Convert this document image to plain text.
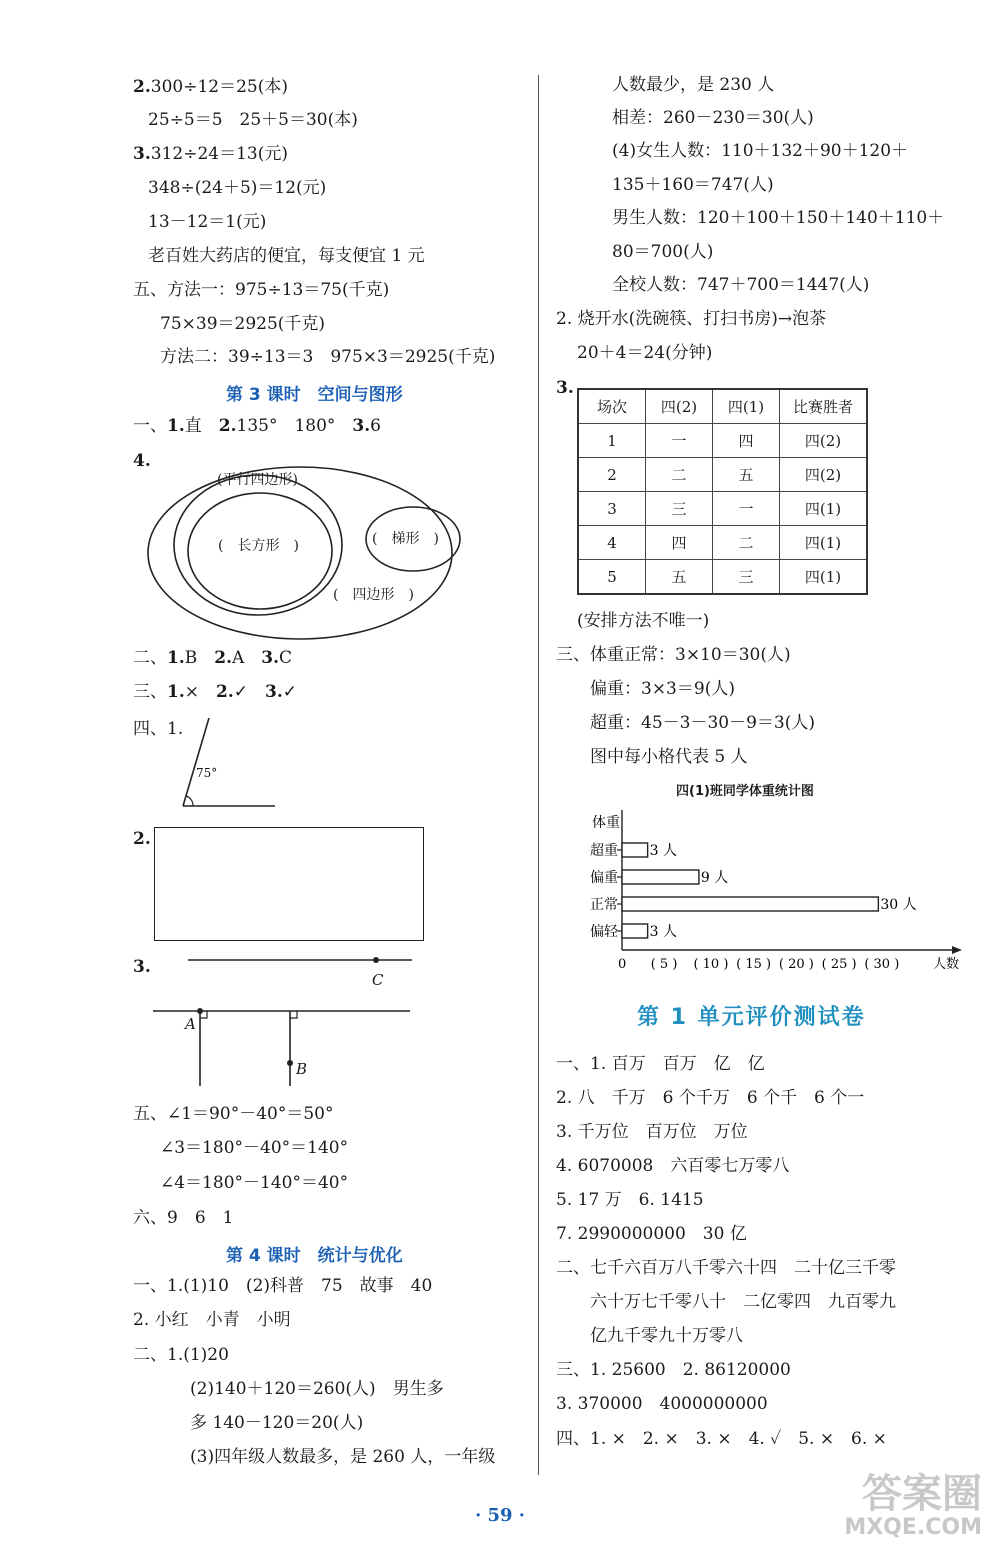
2.300÷12＝25(本)
25÷5＝5　25＋5＝30(本)
3.312÷24＝13(元)
348÷(24＋5)＝12(元)
13－12＝1(元)
老百姓大药店的便宜，每支便宜 1 元
五、方法一：975÷13＝75(千克)
75×39＝2925(千克)
方法二：39÷13＝3　975×3＝2925(千克)
第 3 课时　空间与图形
一、1.直　 2.135°　180°　 3.6
4.
(平行四边形)
(　长方形　)	(　梯形　)
(　四边形　)
二、1.B　 2.A　 3.C
三、1.×　 2.✓　 3.✓
四、1.
75°
2.
3.
C
A
B
五、∠1＝90°－40°＝50°
∠3＝180°－40°＝140°
∠4＝180°－140°＝40°
六、9　6　1
第 4 课时　统计与优化
一、1.(1)10　(2)科普　75　故事　40
2. 小红　小青　小明
二、1.(1)20
(2)140＋120＝260(人)　男生多
多 140－120＝20(人)
(3)四年级人数最多，是 260 人，一年级
人数最少，是 230 人
相差：260－230＝30(人)
(4)女生人数：110＋132＋90＋120＋
135＋160＝747(人)
男生人数：120＋100＋150＋140＋110＋
80＝700(人)
全校人数：747＋700＝1447(人)
2. 烧开水(洗碗筷、打扫书房)→泡茶
20＋4＝24(分钟)
3.
场次	四(2)	四(1)	比赛胜者
1	一	四	四(2)
2	二	五	四(2)
3	三	一	四(1)
4	四	二	四(1)
5	五	三	四(1)
(安排方法不唯一)
三、体重正常：3×10＝30(人)
偏重：3×3＝9(人)
超重：45－3－30－9＝3(人)
图中每小格代表 5 人
四(1)班同学体重统计图
体重
超重 3 人
偏重	9 人
正常	30 人
偏轻 3 人
0 ( 5 ) ( 10 ) ( 15 ) ( 20 ) ( 25 ) ( 30 )	人数
第 1 单元评价测试卷
一、1. 百万　百万　亿　亿
2. 八　千万　6 个千万　6 个千　6 个一
3. 千万位　百万位　万位
4. 6070008　六百零七万零八
5. 17 万　6. 1415
7. 2990000000　30 亿
二、七千六百万八千零六十四　二十亿三千零
六十万七千零八十　二亿零四　九百零九
亿九千零九十万零八
三、1. 25600　2. 86120000
3. 370000　4000000000
四、1. ×　2. ×　3. ×　4. ✓　5. ×　6. ×
· 59 ·	答案圈
MXQE.COM
